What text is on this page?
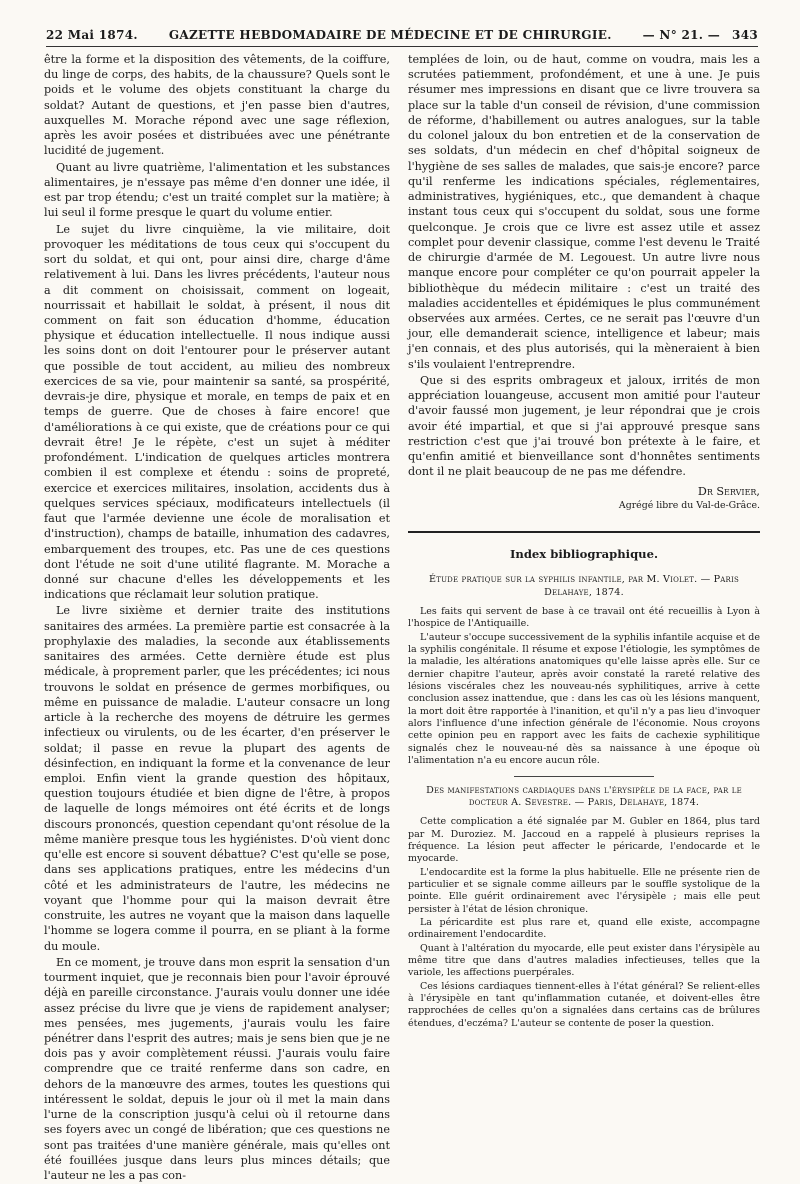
22 Mai 1874.	GAZETTE HEBDOMADAIRE DE MÉDECINE ET DE CHIRURGIE.	— N° 21. — 343

être la forme et la disposition des vêtements, de la coiffure, du linge de corps, des habits, de la chaussure? Quels sont le poids et le volume des objets constituant la charge du soldat? Autant de questions, et j'en passe bien d'autres, auxquelles M. Morache répond avec une sage réflexion, après les avoir posées et distribuées avec une pénétrante lucidité de jugement.

Quant au livre quatrième, l'alimentation et les substances alimentaires, je n'essaye pas même d'en donner une idée, il est par trop étendu; c'est un traité complet sur la matière; à lui seul il forme presque le quart du volume entier.

Le sujet du livre cinquième, la vie militaire, doit provoquer les méditations de tous ceux qui s'occupent du sort du soldat, et qui ont, pour ainsi dire, charge d'âme relativement à lui. Dans les livres précédents, l'auteur nous a dit comment on choisissait, comment on logeait, nourrissait et habillait le soldat, à présent, il nous dit comment on fait son éducation d'homme, éducation physique et éducation intellectuelle. Il nous indique aussi les soins dont on doit l'entourer pour le préserver autant que possible de tout accident, au milieu des nombreux exercices de sa vie, pour maintenir sa santé, sa prospérité, devrais-je dire, physique et morale, en temps de paix et en temps de guerre. Que de choses à faire encore! que d'améliorations à ce qui existe, que de créations pour ce qui devrait être! Je le répète, c'est un sujet à méditer profondément. L'indication de quelques articles montrera combien il est complexe et étendu : soins de propreté, exercice et exercices militaires, insolation, accidents dus à quelques services spéciaux, modificateurs intellectuels (il faut que l'armée devienne une école de moralisation et d'instruction), champs de bataille, inhumation des cadavres, embarquement des troupes, etc. Pas une de ces questions dont l'étude ne soit d'une utilité flagrante. M. Morache a donné sur chacune d'elles les développements et les indications que réclamait leur solution pratique.

Le livre sixième et dernier traite des institutions sanitaires des armées. La première partie est consacrée à la prophylaxie des maladies, la seconde aux établissements sanitaires des armées. Cette dernière étude est plus médicale, à proprement parler, que les précédentes; ici nous trouvons le soldat en présence de germes morbifiques, ou même en puissance de maladie. L'auteur consacre un long article à la recherche des moyens de détruire les germes infectieux ou virulents, ou de les écarter, d'en préserver le soldat; il passe en revue la plupart des agents de désinfection, en indiquant la forme et la convenance de leur emploi. Enfin vient la grande question des hôpitaux, question toujours étudiée et bien digne de l'être, à propos de laquelle de longs mémoires ont été écrits et de longs discours prononcés, question cependant qu'ont résolue de la même manière presque tous les hygiénistes. D'où vient donc qu'elle est encore si souvent débattue? C'est qu'elle se pose, dans ses applications pratiques, entre les médecins d'un côté et les administrateurs de l'autre, les médecins ne voyant que l'homme pour qui la maison devrait être construite, les autres ne voyant que la maison dans laquelle l'homme se logera comme il pourra, en se pliant à la forme du moule.

En ce moment, je trouve dans mon esprit la sensation d'un tourment inquiet, que je reconnais bien pour l'avoir éprouvé déjà en pareille circonstance. J'aurais voulu donner une idée assez précise du livre que je viens de rapidement analyser; mes pensées, mes jugements, j'aurais voulu les faire pénétrer dans l'esprit des autres; mais je sens bien que je ne dois pas y avoir complètement réussi. J'aurais voulu faire comprendre que ce traité renferme dans son cadre, en dehors de la manœuvre des armes, toutes les questions qui intéressent le soldat, depuis le jour où il met la main dans l'urne de la conscription jusqu'à celui où il retourne dans ses foyers avec un congé de libération; que ces questions ne sont pas traitées d'une manière générale, mais qu'elles ont été fouillées jusque dans leurs plus minces détails; que l'auteur ne les a pas con-

templées de loin, ou de haut, comme on voudra, mais les a scrutées patiemment, profondément, et une à une. Je puis résumer mes impressions en disant que ce livre trouvera sa place sur la table d'un conseil de révision, d'une commission de réforme, d'habillement ou autres analogues, sur la table du colonel jaloux du bon entretien et de la conservation de ses soldats, d'un médecin en chef d'hôpital soigneux de l'hygiène de ses salles de malades, que sais-je encore? parce qu'il renferme les indications spéciales, réglementaires, administratives, hygiéniques, etc., que demandent à chaque instant tous ceux qui s'occupent du soldat, sous une forme quelconque. Je crois que ce livre est assez utile et assez complet pour devenir classique, comme l'est devenu le Traité de chirurgie d'armée de M. Legouest. Un autre livre nous manque encore pour compléter ce qu'on pourrait appeler la bibliothèque du médecin militaire : c'est un traité des maladies accidentelles et épidémiques le plus communément observées aux armées. Certes, ce ne serait pas l'œuvre d'un jour, elle demanderait science, intelligence et labeur; mais j'en connais, et des plus autorisés, qui la mèneraient à bien s'ils voulaient l'entreprendre.

Que si des esprits ombrageux et jaloux, irrités de mon appréciation louangeuse, accusent mon amitié pour l'auteur d'avoir faussé mon jugement, je leur répondrai que je crois avoir été impartial, et que si j'ai approuvé presque sans restriction c'est que j'ai trouvé bon prétexte à le faire, et qu'enfin amitié et bienveillance sont d'honnêtes sentiments dont il ne plait beaucoup de ne pas me défendre.

Dr Servier,
Agrégé libre du Val-de-Grâce.
Index bibliographique.
Étude pratique sur la syphilis infantile, par M. Violet. — Paris Delahaye, 1874.

Les faits qui servent de base à ce travail ont été recueillis à Lyon à l'hospice de l'Antiquaille.

L'auteur s'occupe successivement de la syphilis infantile acquise et de la syphilis congénitale. Il résume et expose l'étiologie, les symptômes de la maladie, les altérations anatomiques qu'elle laisse après elle. Sur ce dernier chapitre l'auteur, après avoir constaté la rareté relative des lésions viscérales chez les nouveau-nés syphilitiques, arrive à cette conclusion assez inattendue, que : dans les cas où les lésions manquent, la mort doit être rapportée à l'inanition, et qu'il n'y a pas lieu d'invoquer alors l'influence d'une infection générale de l'économie. Nous croyons cette opinion peu en rapport avec les faits de cachexie syphilitique signalés chez le nouveau-né dès sa naissance à une époque où l'alimentation n'a eu encore aucun rôle.

Des manifestations cardiaques dans l'érysipèle de la face, par le docteur A. Sevestre. — Paris, Delahaye, 1874.

Cette complication a été signalée par M. Gubler en 1864, plus tard par M. Duroziez. M. Jaccoud en a rappelé à plusieurs reprises la fréquence. La lésion peut affecter le péricarde, l'endocarde et le myocarde.

L'endocardite est la forme la plus habituelle. Elle ne présente rien de particulier et se signale comme ailleurs par le souffle systolique de la pointe. Elle guérit ordinairement avec l'érysipèle ; mais elle peut persister à l'état de lésion chronique.

La péricardite est plus rare et, quand elle existe, accompagne ordinairement l'endocardite.

Quant à l'altération du myocarde, elle peut exister dans l'érysipèle au même titre que dans d'autres maladies infectieuses, telles que la variole, les affections puerpérales.

Ces lésions cardiaques tiennent-elles à l'état général? Se relient-elles à l'érysipèle en tant qu'inflammation cutanée, et doivent-elles être rapprochées de celles qu'on a signalées dans certains cas de brûlures étendues, d'eczéma? L'auteur se contente de poser la question.
